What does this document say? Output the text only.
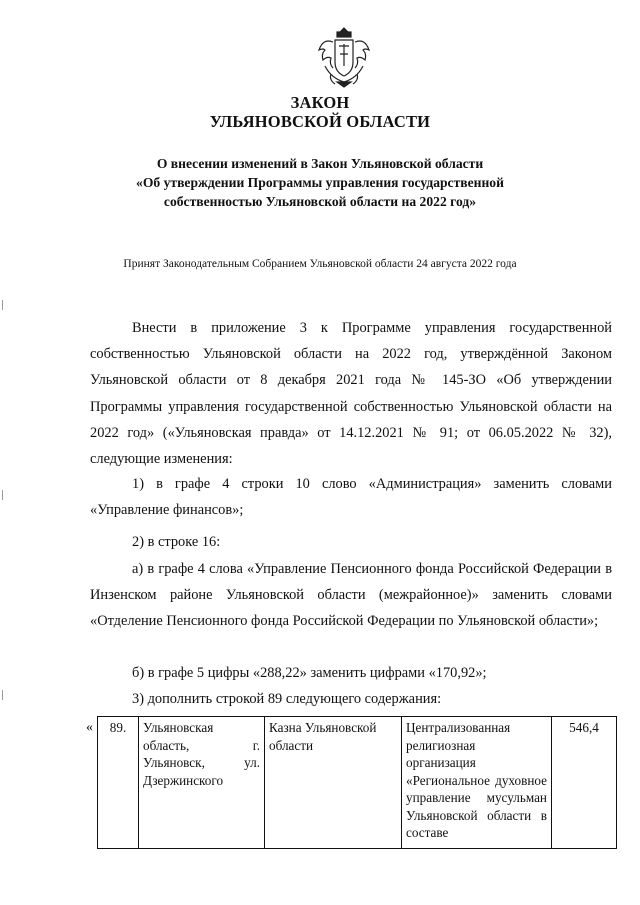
ЗАКОН
УЛЬЯНОВСКОЙ ОБЛАСТИ
О внесении изменений в Закон Ульяновской области
«Об утверждении Программы управления государственной
собственностью Ульяновской области на 2022 год»
Принят Законодательным Собранием Ульяновской области 24 августа 2022 года
Внести в приложение 3 к Программе управления государственной собственностью Ульяновской области на 2022 год, утверждённой Законом Ульяновской области от 8 декабря 2021 года № 145-ЗО «Об утверждении Программы управления государственной собственностью Ульяновской области на 2022 год» («Ульяновская правда» от 14.12.2021 № 91; от 06.05.2022 № 32), следующие изменения:
1) в графе 4 строки 10 слово «Администрация» заменить словами «Управление финансов»;
2) в строке 16:
а) в графе 4 слова «Управление Пенсионного фонда Российской Федерации в Инзенском районе Ульяновской области (межрайонное)» заменить словами «Отделение Пенсионного фонда Российской Федерации по Ульяновской области»;
б) в графе 5 цифры «288,22» заменить цифрами «170,92»;
3) дополнить строкой 89 следующего содержания:
« 89.	Ульяновская область, г. Ульяновск, ул. Дзержинского	Казна Ульяновской области	Централизованная религиозная организация «Региональное духовное управление мусульман Ульяновской области в составе	546,4
